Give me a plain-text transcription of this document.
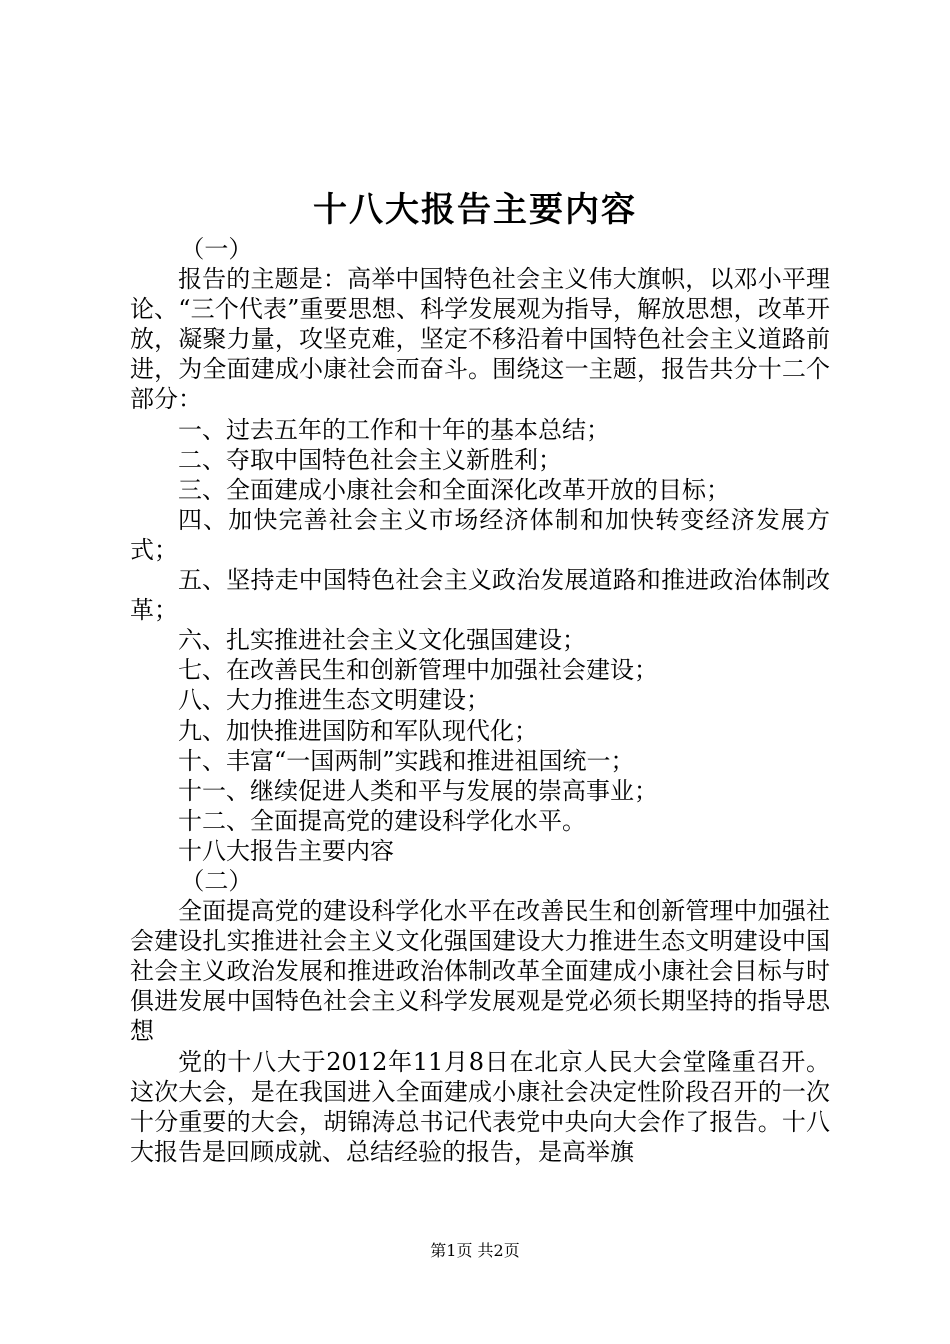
十八大报告主要内容

（一）

报告的主题是：高举中国特色社会主义伟大旗帜，以邓小平理论、“三个代表”重要思想、科学发展观为指导，解放思想，改革开放，凝聚力量，攻坚克难，坚定不移沿着中国特色社会主义道路前进，为全面建成小康社会而奋斗。围绕这一主题，报告共分十二个部分：

一、过去五年的工作和十年的基本总结；

二、夺取中国特色社会主义新胜利；

三、全面建成小康社会和全面深化改革开放的目标；

四、加快完善社会主义市场经济体制和加快转变经济发展方式；

五、坚持走中国特色社会主义政治发展道路和推进政治体制改革；

六、扎实推进社会主义文化强国建设；

七、在改善民生和创新管理中加强社会建设；

八、大力推进生态文明建设；

九、加快推进国防和军队现代化；

十、丰富“一国两制”实践和推进祖国统一；

十一、继续促进人类和平与发展的崇高事业；

十二、全面提高党的建设科学化水平。

十八大报告主要内容

（二）

全面提高党的建设科学化水平在改善民生和创新管理中加强社会建设扎实推进社会主义文化强国建设大力推进生态文明建设中国社会主义政治发展和推进政治体制改革全面建成小康社会目标与时俱进发展中国特色社会主义科学发展观是党必须长期坚持的指导思想

党的十八大于2012年11月8日在北京人民大会堂隆重召开。这次大会，是在我国进入全面建成小康社会决定性阶段召开的一次十分重要的大会，胡锦涛总书记代表党中央向大会作了报告。十八大报告是回顾成就、总结经验的报告，是高举旗

第1页 共2页
